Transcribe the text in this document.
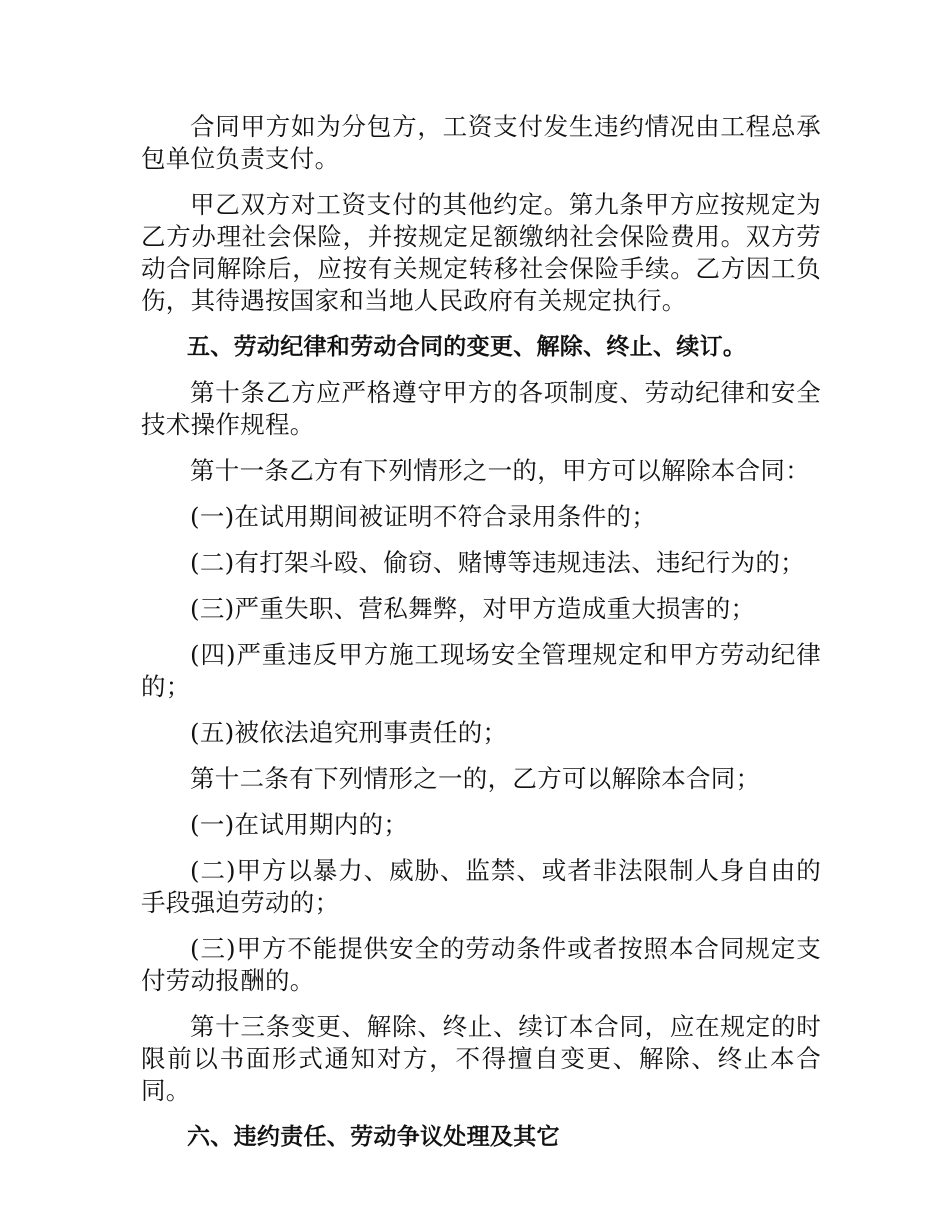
合同甲方如为分包方，工资支付发生违约情况由工程总承包单位负责支付。

甲乙双方对工资支付的其他约定。第九条甲方应按规定为乙方办理社会保险，并按规定足额缴纳社会保险费用。双方劳动合同解除后，应按有关规定转移社会保险手续。乙方因工负伤，其待遇按国家和当地人民政府有关规定执行。

五、劳动纪律和劳动合同的变更、解除、终止、续订。

第十条乙方应严格遵守甲方的各项制度、劳动纪律和安全技术操作规程。

第十一条乙方有下列情形之一的，甲方可以解除本合同：

(一)在试用期间被证明不符合录用条件的；

(二)有打架斗殴、偷窃、赌博等违规违法、违纪行为的；

(三)严重失职、营私舞弊，对甲方造成重大损害的；

(四)严重违反甲方施工现场安全管理规定和甲方劳动纪律的；

(五)被依法追究刑事责任的；

第十二条有下列情形之一的，乙方可以解除本合同；

(一)在试用期内的；

(二)甲方以暴力、威胁、监禁、或者非法限制人身自由的手段强迫劳动的；

(三)甲方不能提供安全的劳动条件或者按照本合同规定支付劳动报酬的。

第十三条变更、解除、终止、续订本合同，应在规定的时限前以书面形式通知对方，不得擅自变更、解除、终止本合同。

六、违约责任、劳动争议处理及其它
